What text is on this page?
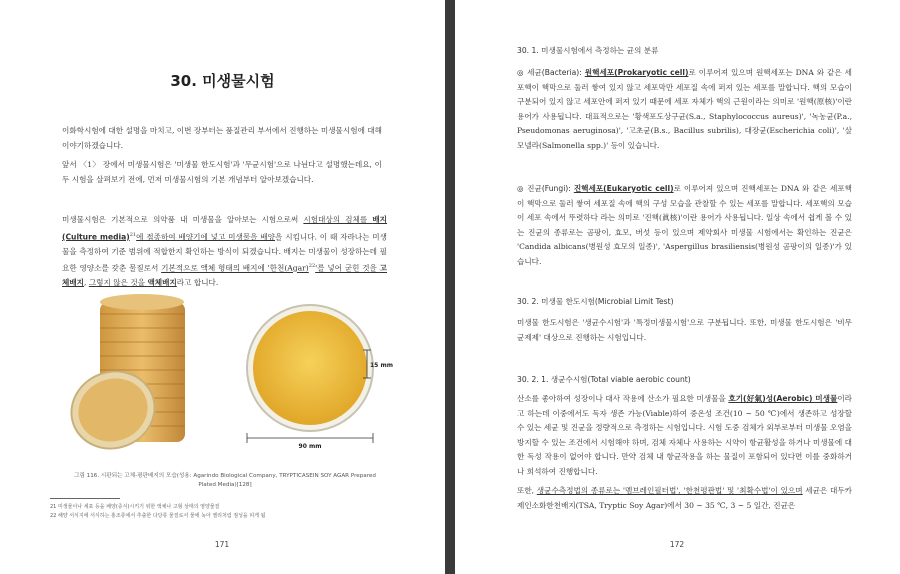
30. 미생물시험
이화학시험에 대한 설명을 마치고, 이번 장부터는 품질관리 부서에서 진행하는 미생물시험에 대해 이야기하겠습니다.
앞서 〈1〉 장에서 미생물시험은 '미생물 한도시험'과 '무균시험'으로 나뉜다고 설명했는데요, 이 두 시험을 살펴보기 전에, 먼저 미생물시험의 기본 개념부터 알아보겠습니다.
미생물시험은 기본적으로 의약품 내 미생물을 알아보는 시험으로써 시험대상의 검체를 배지(Culture media)$^{21}$에 접종하여 배양기에 넣고 미생물을 배양을 시킵니다. 이 때 자라나는 미생물을 측정하여 기준 범위에 적합한지 확인하는 방식이 되겠습니다. 배지는 미생물이 성장하는데 필요한 영양소를 갖춘 물질로서 기본적으로 액체 형태의 배지에 '한천(Agar)$^{22}$'를 넣어 굳힌 것을 고체배지, 그렇지 않은 것을 액체배지라고 합니다.
90 mm
15 mm
그림 116. 시판되는 고체-평판배지의 모습(성용: Agarindo Biological Company, TRYPTICASEIN SOY AGAR Prepared
Plated Media)[128]
21 미생물이나 세포 등을 배양(증식)시키기 위한 액체나 고형 상태의 영양물질
22 해양 서식지에 서식하는 홍조류에서 추출한 다당류 물질로서 물에 녹아 젤리처럼 점성을 띠게 됨
171
30. 1. 미생물시험에서 측정하는 균의 분류
◎ 세균(Bacteria): 원핵세포(Prokaryotic cell)로 이루어져 있으며 원핵세포는 DNA 와 같은 세포핵이 핵막으로 둘러 쌓여 있지 않고 세포막만 세포질 속에 퍼져 있는 세포를 말합니다. 핵의 모습이 구분되어 있지 않고 세포안에 퍼져 있기 때문에 세포 자체가 핵의 근원이라는 의미로 '원핵(原核)'이란 용어가 사용됩니다. 대표적으로는 '황색포도상구균(S.a., Staphylococcus aureus)', '녹농균(P.a., Pseudomonas aeruginosa)', '고초균(B.s., Bacillus subrilis), 대장균(Escherichia coli)', '살모넬라(Salmonella spp.)' 등이 있습니다.
◎ 진균(Fungi): 진핵세포(Eukaryotic cell)로 이루어져 있으며 진핵세포는 DNA 와 같은 세포핵이 핵막으로 둘러 쌓여 세포질 속에 핵의 구성 모습을 관찰할 수 있는 세포를 말합니다. 세포핵의 모습이 세포 속에서 뚜렷하다 라는 의미로 '진핵(眞核)'이란 용어가 사용됩니다. 일상 속에서 쉽게 볼 수 있는 진균의 종류로는 곰팡이, 효모, 버섯 등이 있으며 제약회사 미생물 시험에서는 확인하는 진균은 'Candida albicans(병원성 효모의 일종)', 'Aspergillus brasiliensis(병원성 곰팡이의 일종)'가 있습니다.
30. 2. 미생물 한도시험(Microbial Limit Test)
미생물 한도시험은 '생균수시험'과 '특정미생물시험'으로 구분됩니다. 또한, 미생물 한도시험은 '비무균제제' 대상으로 진행하는 시험입니다.
30. 2. 1. 생균수시험(Total viable aerobic count)
산소를 좋아하여 성장이나 대사 작용에 산소가 필요한 미생물을 호기(好氣)성(Aerobic) 미생물이라고 하는데 이중에서도 독자 생존 가능(Viable)하여 중온성 조건(10 ~ 50 ℃)에서 생존하고 성장할 수 있는 세균 및 진균을 정량적으로 측정하는 시험입니다. 시험 도중 검체가 외부로부터 미생물 오염을 방지할 수 있는 조건에서 시험해야 하며, 검체 자체나 사용하는 시약이 항균활성을 하거나 미생물에 대한 독성 작용이 없어야 합니다. 만약 검체 내 항균작용을 하는 물질이 포함되어 있다면 이를 중화하거나 희석하여 진행합니다.
또한, 생균수측정법의 종류로는 '멤브레인필터법', '한천평판법' 및 '최확수법'이 있으며 세균은 대두카제인소화한천배지(TSA, Tryptic Soy Agar)에서 30 ~ 35 ℃, 3 ~ 5 일간, 진균은
172
